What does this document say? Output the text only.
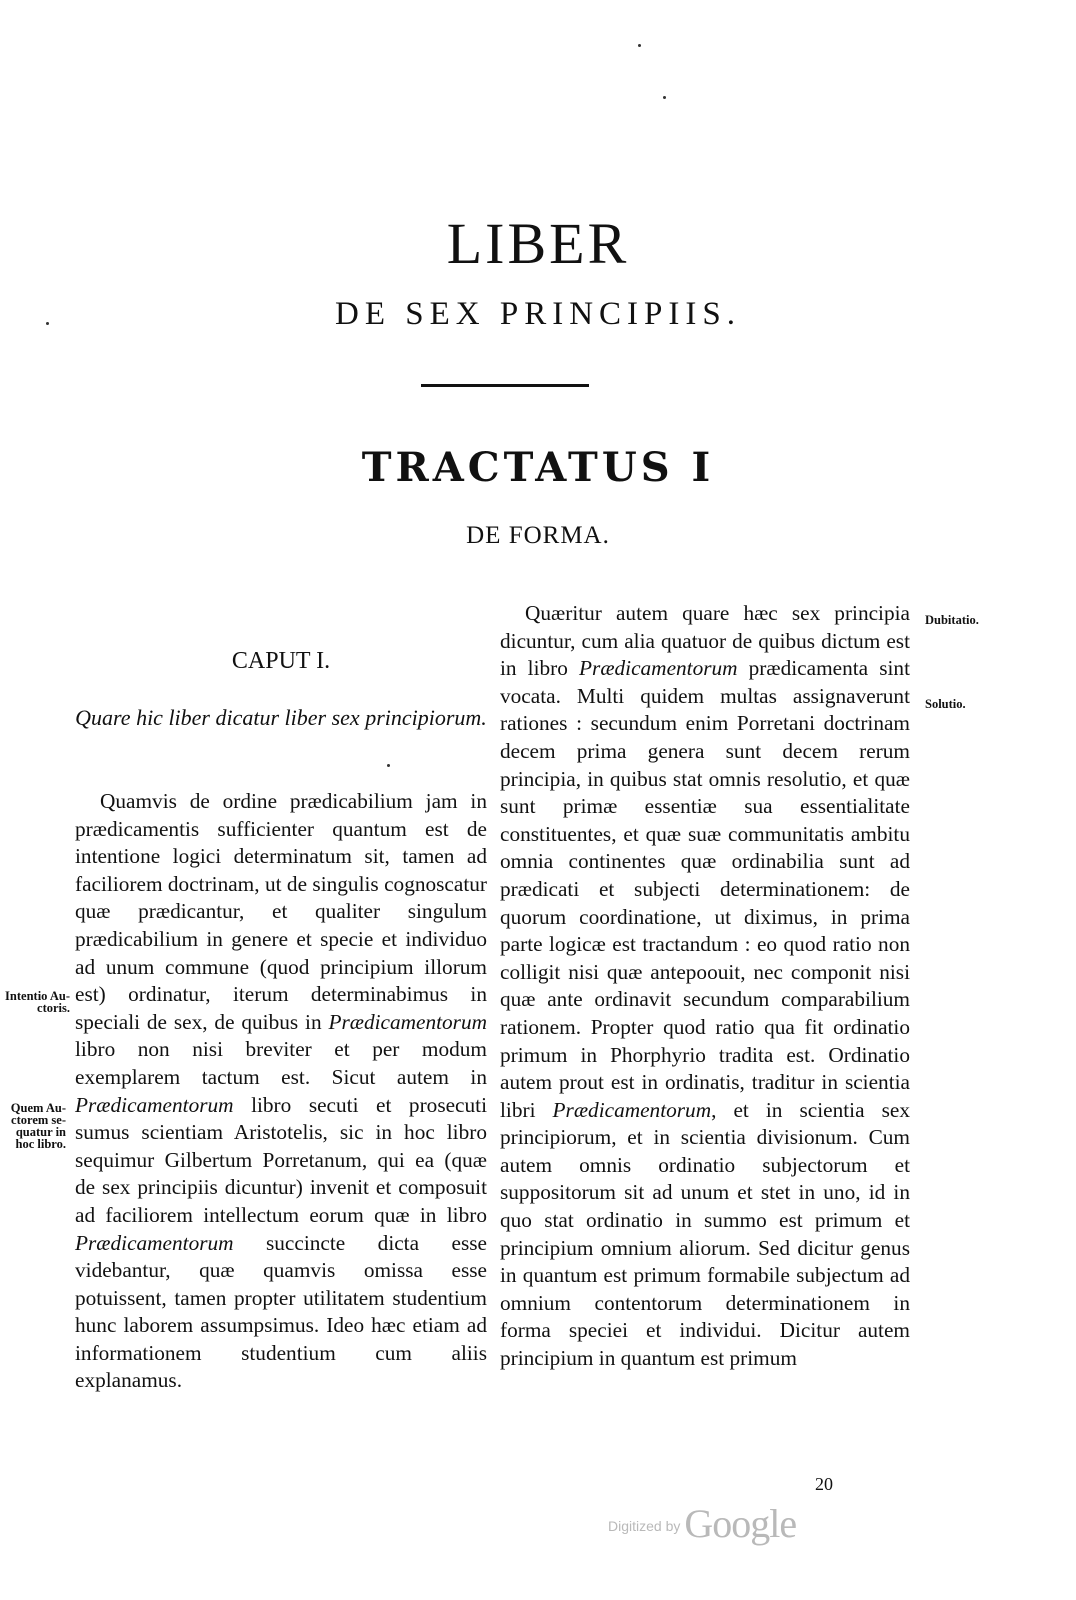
LIBER
DE SEX PRINCIPIIS.
TRACTATUS I
DE FORMA.
CAPUT I.
Quare hic liber dicatur liber sex principiorum.
Quamvis de ordine prædicabilium jam in prædicamentis sufficienter quantum est de intentione logici determinatum sit, tamen ad faciliorem doctrinam, ut de singulis cognoscatur quæ prædicantur, et qualiter singulum prædicabilium in genere et specie et individuo ad unum commune (quod principium illorum est) ordinatur, iterum determinabimus in speciali de sex, de quibus in Prædicamentorum libro non nisi breviter et per modum exemplarem tactum est. Sicut autem in Prædicamentorum libro secuti et prosecuti sumus scientiam Aristotelis, sic in hoc libro sequimur Gilbertum Porretanum, qui ea (quæ de sex principiis dicuntur) invenit et composuit ad faciliorem intellectum eorum quæ in libro Prædicamentorum succincte dicta esse videbantur, quæ quamvis omissa esse potuissent, tamen propter utilitatem studentium hunc laborem assumpsimus. Ideo hæc etiam ad informationem studentium cum aliis explanamus.
Quæritur autem quare hæc sex principia dicuntur, cum alia quatuor de quibus dictum est in libro Prædicamentorum prædicamenta sint vocata. Multi quidem multas assignaverunt rationes : secundum enim Porretani doctrinam decem prima genera sunt decem rerum principia, in quibus stat omnis resolutio, et quæ sunt primæ essentiæ sua essentialitate constituentes, et quæ suæ communitatis ambitu omnia continentes quæ ordinabilia sunt ad prædicati et subjecti determinationem: de quorum coordinatione, ut diximus, in prima parte logicæ est tractandum : eo quod ratio non colligit nisi quæ antepoouit, nec componit nisi quæ ante ordinavit secundum comparabilium rationem. Propter quod ratio qua fit ordinatio primum in Phorphyrio tradita est. Ordinatio autem prout est in ordinatis, traditur in scientia libri Prædicamentorum, et in scientia sex principiorum, et in scientia divisionum. Cum autem omnis ordinatio subjectorum et suppositorum sit ad unum et stet in uno, id in quo stat ordinatio in summo est primum et principium omnium aliorum. Sed dicitur genus in quantum est primum formabile subjectum ad omnium contentorum determinationem in forma speciei et individui. Dicitur autem principium in quantum est primum
Intentio Au-
ctoris.
Quem Au-
ctorem se-
quatur in
hoc libro.
Dubitatio.
Solutio.
20
Digitized by Google
